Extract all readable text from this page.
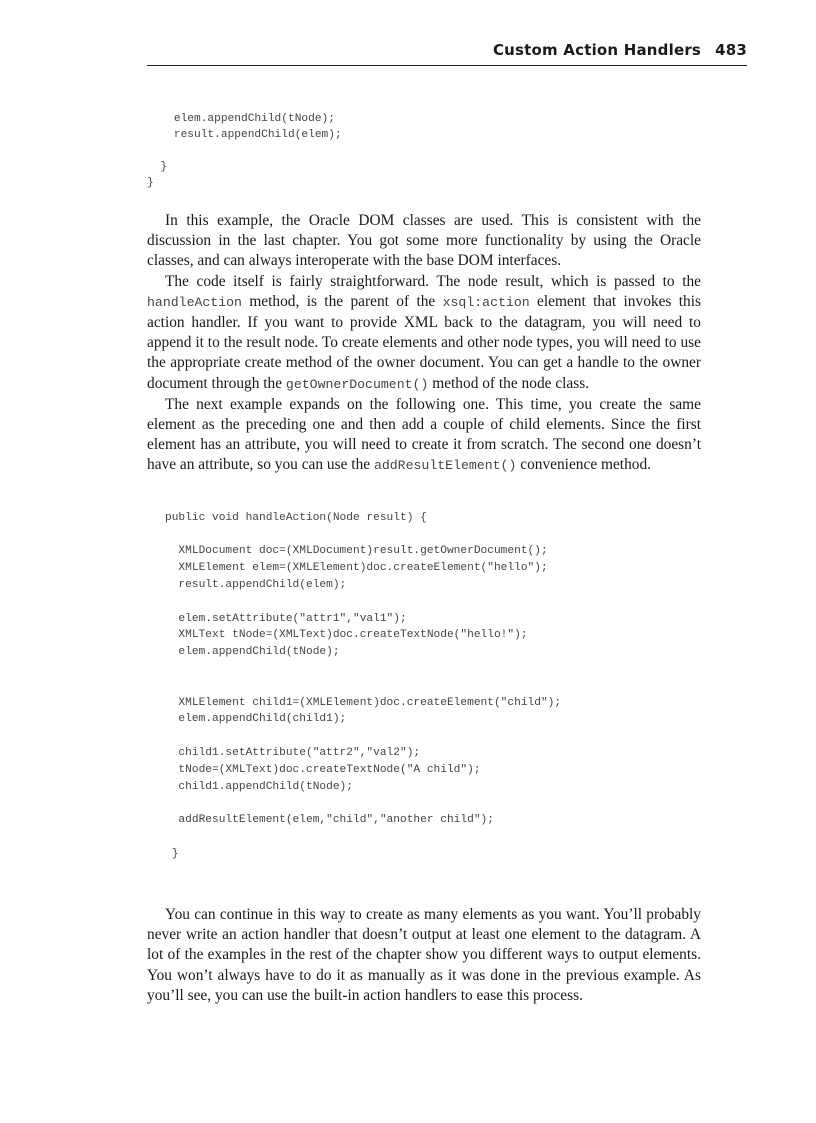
Custom Action Handlers 483

elem.appendChild(tNode);
result.appendChild(elem);

}
}

In this example, the Oracle DOM classes are used. This is consistent with the discussion in the last chapter. You got some more functionality by using the Oracle classes, and can always interoperate with the base DOM interfaces.

The code itself is fairly straightforward. The node result, which is passed to the handleAction method, is the parent of the xsql:action element that invokes this action handler. If you want to provide XML back to the datagram, you will need to append it to the result node. To create elements and other node types, you will need to use the appropriate create method of the owner document. You can get a handle to the owner document through the getOwnerDocument() method of the node class.

The next example expands on the following one. This time, you create the same element as the preceding one and then add a couple of child elements. Since the first element has an attribute, you will need to create it from scratch. The second one doesn’t have an attribute, so you can use the addResultElement() convenience method.

public void handleAction(Node result) {

XMLDocument doc=(XMLDocument)result.getOwnerDocument();
XMLElement elem=(XMLElement)doc.createElement("hello");
result.appendChild(elem);

elem.setAttribute("attr1","val1");
XMLText tNode=(XMLText)doc.createTextNode("hello!");
elem.appendChild(tNode);

XMLElement child1=(XMLElement)doc.createElement("child");
elem.appendChild(child1);

child1.setAttribute("attr2","val2");
tNode=(XMLText)doc.createTextNode("A child");
child1.appendChild(tNode);

addResultElement(elem,"child","another child");

}

You can continue in this way to create as many elements as you want. You’ll probably never write an action handler that doesn’t output at least one element to the datagram. A lot of the examples in the rest of the chapter show you different ways to output elements. You won’t always have to do it as manually as it was done in the previous example. As you’ll see, you can use the built-in action handlers to ease this process.
